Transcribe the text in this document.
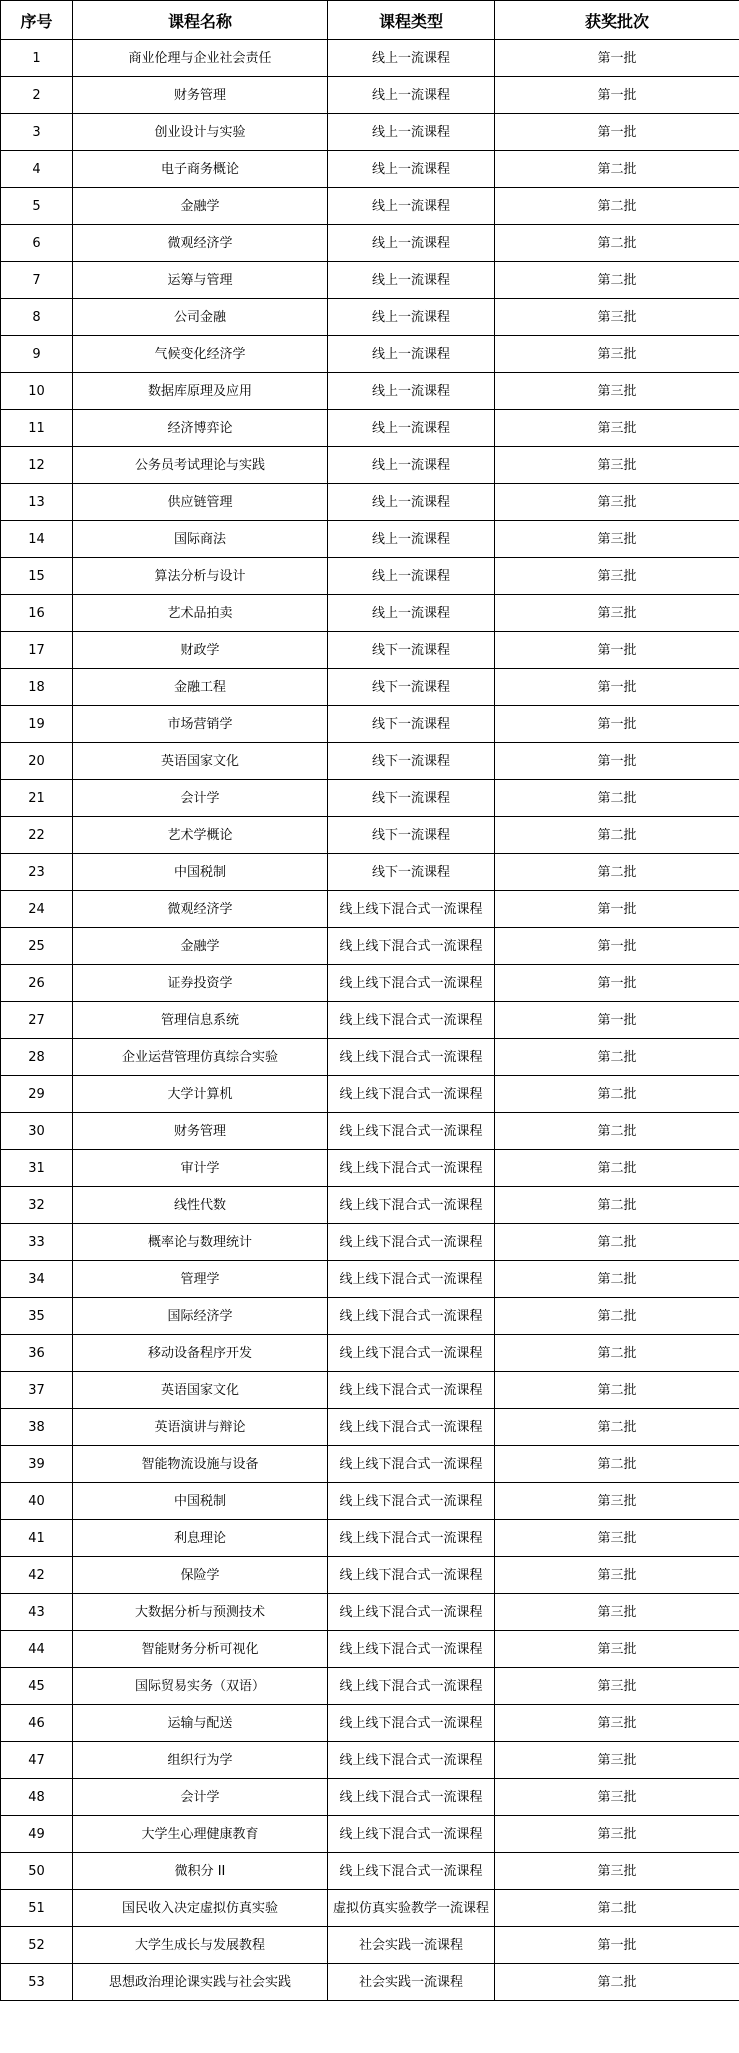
序号	课程名称	课程类型	获奖批次
1	商业伦理与企业社会责任	线上一流课程	第一批
2	财务管理	线上一流课程	第一批
3	创业设计与实验	线上一流课程	第一批
4	电子商务概论	线上一流课程	第二批
5	金融学	线上一流课程	第二批
6	微观经济学	线上一流课程	第二批
7	运筹与管理	线上一流课程	第二批
8	公司金融	线上一流课程	第三批
9	气候变化经济学	线上一流课程	第三批
10	数据库原理及应用	线上一流课程	第三批
11	经济博弈论	线上一流课程	第三批
12	公务员考试理论与实践	线上一流课程	第三批
13	供应链管理	线上一流课程	第三批
14	国际商法	线上一流课程	第三批
15	算法分析与设计	线上一流课程	第三批
16	艺术品拍卖	线上一流课程	第三批
17	财政学	线下一流课程	第一批
18	金融工程	线下一流课程	第一批
19	市场营销学	线下一流课程	第一批
20	英语国家文化	线下一流课程	第一批
21	会计学	线下一流课程	第二批
22	艺术学概论	线下一流课程	第二批
23	中国税制	线下一流课程	第二批
24	微观经济学	线上线下混合式一流课程	第一批
25	金融学	线上线下混合式一流课程	第一批
26	证券投资学	线上线下混合式一流课程	第一批
27	管理信息系统	线上线下混合式一流课程	第一批
28	企业运营管理仿真综合实验	线上线下混合式一流课程	第二批
29	大学计算机	线上线下混合式一流课程	第二批
30	财务管理	线上线下混合式一流课程	第二批
31	审计学	线上线下混合式一流课程	第二批
32	线性代数	线上线下混合式一流课程	第二批
33	概率论与数理统计	线上线下混合式一流课程	第二批
34	管理学	线上线下混合式一流课程	第二批
35	国际经济学	线上线下混合式一流课程	第二批
36	移动设备程序开发	线上线下混合式一流课程	第二批
37	英语国家文化	线上线下混合式一流课程	第二批
38	英语演讲与辩论	线上线下混合式一流课程	第二批
39	智能物流设施与设备	线上线下混合式一流课程	第二批
40	中国税制	线上线下混合式一流课程	第三批
41	利息理论	线上线下混合式一流课程	第三批
42	保险学	线上线下混合式一流课程	第三批
43	大数据分析与预测技术	线上线下混合式一流课程	第三批
44	智能财务分析可视化	线上线下混合式一流课程	第三批
45	国际贸易实务（双语）	线上线下混合式一流课程	第三批
46	运输与配送	线上线下混合式一流课程	第三批
47	组织行为学	线上线下混合式一流课程	第三批
48	会计学	线上线下混合式一流课程	第三批
49	大学生心理健康教育	线上线下混合式一流课程	第三批
50	微积分 II	线上线下混合式一流课程	第三批
51	国民收入决定虚拟仿真实验	虚拟仿真实验教学一流课程	第二批
52	大学生成长与发展教程	社会实践一流课程	第一批
53	思想政治理论课实践与社会实践	社会实践一流课程	第二批
